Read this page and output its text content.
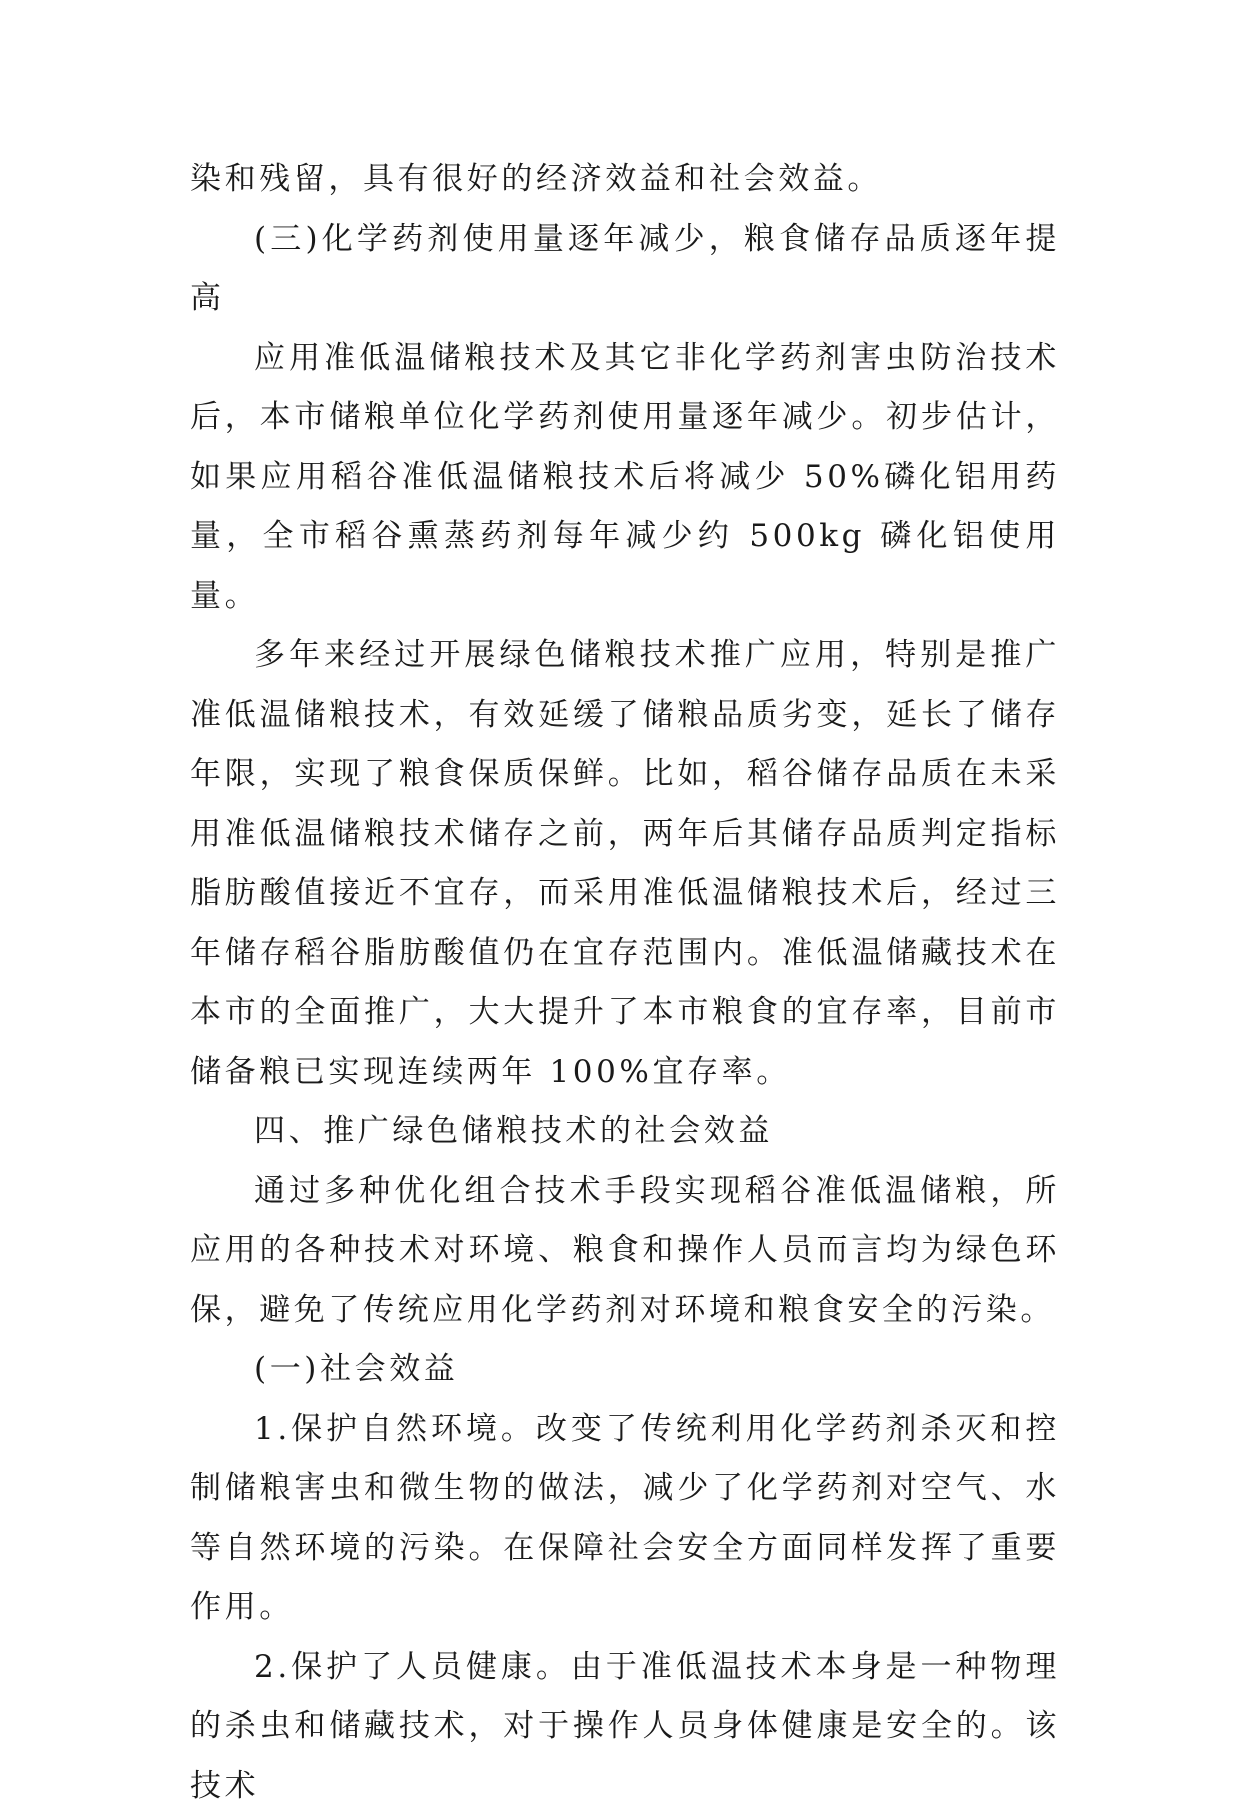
染和残留，具有很好的经济效益和社会效益。

(三)化学药剂使用量逐年减少，粮食储存品质逐年提高

应用准低温储粮技术及其它非化学药剂害虫防治技术后，本市储粮单位化学药剂使用量逐年减少。初步估计，如果应用稻谷准低温储粮技术后将减少 50%磷化铝用药量，全市稻谷熏蒸药剂每年减少约 500kg 磷化铝使用量。

多年来经过开展绿色储粮技术推广应用，特别是推广准低温储粮技术，有效延缓了储粮品质劣变，延长了储存年限，实现了粮食保质保鲜。比如，稻谷储存品质在未采用准低温储粮技术储存之前，两年后其储存品质判定指标脂肪酸值接近不宜存，而采用准低温储粮技术后，经过三年储存稻谷脂肪酸值仍在宜存范围内。准低温储藏技术在本市的全面推广，大大提升了本市粮食的宜存率，目前市储备粮已实现连续两年 100%宜存率。

四、推广绿色储粮技术的社会效益

通过多种优化组合技术手段实现稻谷准低温储粮，所应用的各种技术对环境、粮食和操作人员而言均为绿色环保，避免了传统应用化学药剂对环境和粮食安全的污染。

(一)社会效益

1.保护自然环境。改变了传统利用化学药剂杀灭和控制储粮害虫和微生物的做法，减少了化学药剂对空气、水等自然环境的污染。在保障社会安全方面同样发挥了重要作用。

2.保护了人员健康。由于准低温技术本身是一种物理的杀虫和储藏技术，对于操作人员身体健康是安全的。该技术
